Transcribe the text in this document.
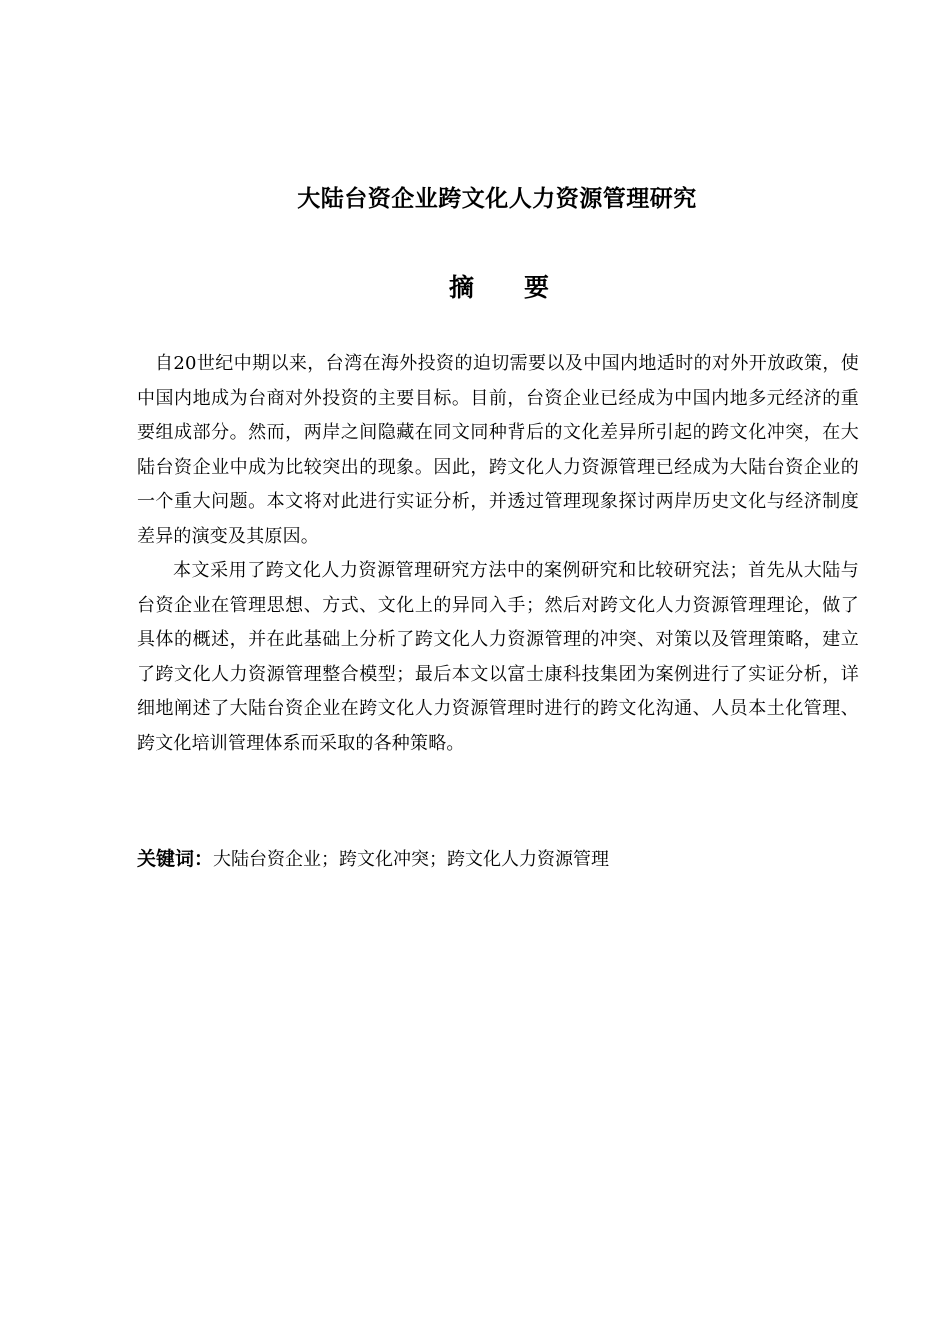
大陆台资企业跨文化人力资源管理研究
摘 要

自20世纪中期以来，台湾在海外投资的迫切需要以及中国内地适时的对外开放政策，使中国内地成为台商对外投资的主要目标。目前，台资企业已经成为中国内地多元经济的重要组成部分。然而，两岸之间隐藏在同文同种背后的文化差异所引起的跨文化冲突，在大陆台资企业中成为比较突出的现象。因此，跨文化人力资源管理已经成为大陆台资企业的一个重大问题。本文将对此进行实证分析，并透过管理现象探讨两岸历史文化与经济制度差异的演变及其原因。

本文采用了跨文化人力资源管理研究方法中的案例研究和比较研究法；首先从大陆与台资企业在管理思想、方式、文化上的异同入手；然后对跨文化人力资源管理理论，做了具体的概述，并在此基础上分析了跨文化人力资源管理的冲突、对策以及管理策略，建立了跨文化人力资源管理整合模型；最后本文以富士康科技集团为案例进行了实证分析，详细地阐述了大陆台资企业在跨文化人力资源管理时进行的跨文化沟通、人员本土化管理、跨文化培训管理体系而采取的各种策略。

关键词：大陆台资企业；跨文化冲突；跨文化人力资源管理
